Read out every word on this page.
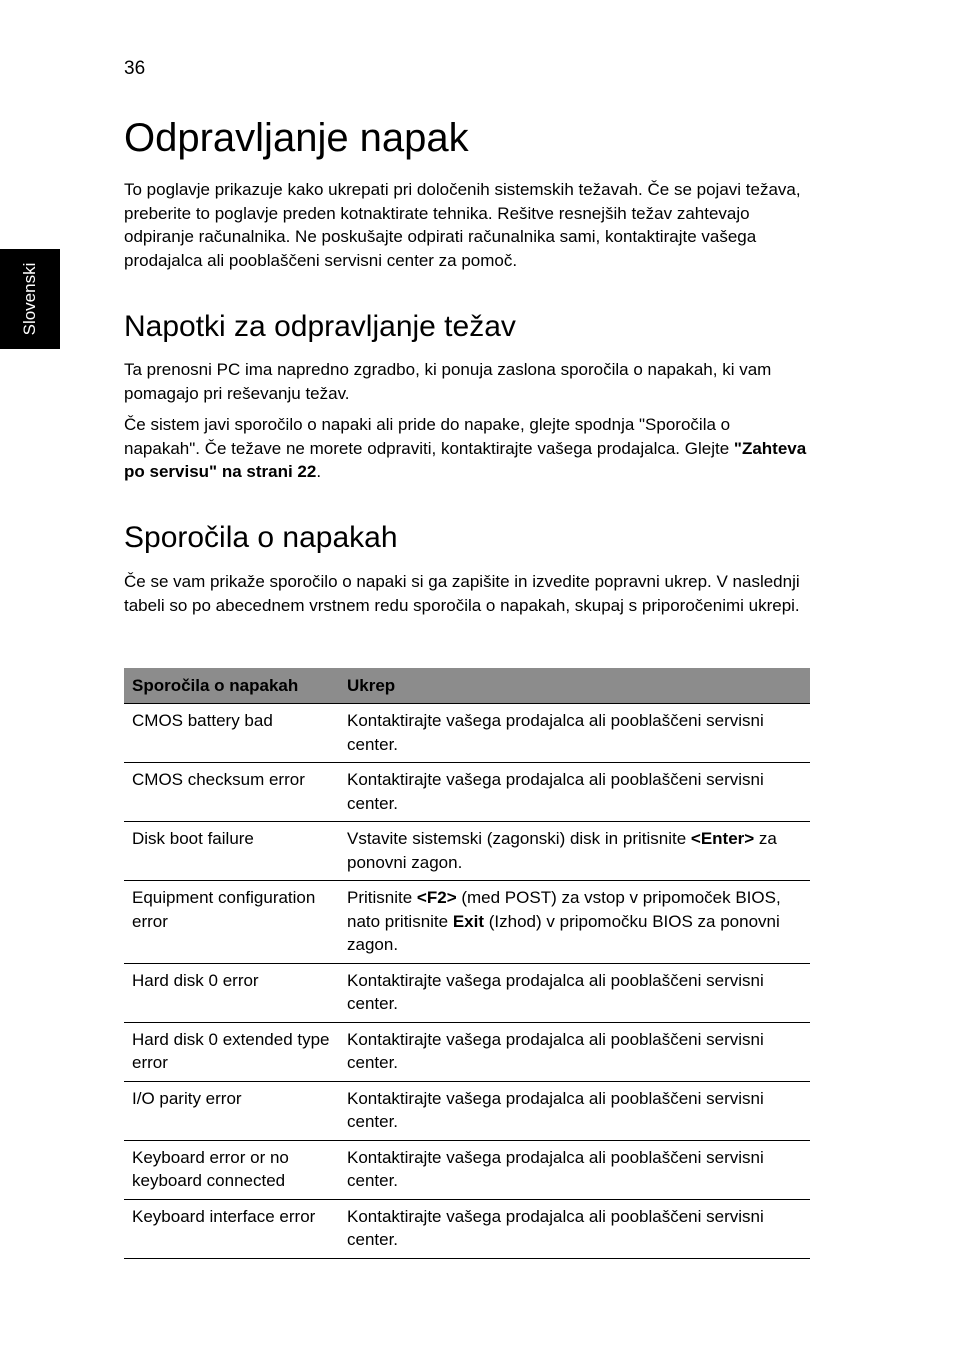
36
Slovenski
Odpravljanje napak

To poglavje prikazuje kako ukrepati pri določenih sistemskih težavah. Če se pojavi težava, preberite to poglavje preden kotnaktirate tehnika. Rešitve resnejših težav zahtevajo odpiranje računalnika. Ne poskušajte odpirati računalnika sami, kontaktirajte vašega prodajalca ali pooblaščeni servisni center za pomoč.

Napotki za odpravljanje težav

Ta prenosni PC ima napredno zgradbo, ki ponuja zaslona sporočila o napakah, ki vam pomagajo pri reševanju težav.

Če sistem javi sporočilo o napaki ali pride do napake, glejte spodnja "Sporočila o napakah". Če težave ne morete odpraviti, kontaktirajte vašega prodajalca. Glejte "Zahteva po servisu" na strani 22.

Sporočila o napakah

Če se vam prikaže sporočilo o napaki si ga zapišite in izvedite popravni ukrep. V naslednji tabeli so po abecednem vrstnem redu sporočila o napakah, skupaj s priporočenimi ukrepi.

Sporočila o napakah	Ukrep
CMOS battery bad	Kontaktirajte vašega prodajalca ali pooblaščeni servisni center.
CMOS checksum error	Kontaktirajte vašega prodajalca ali pooblaščeni servisni center.
Disk boot failure	Vstavite sistemski (zagonski) disk in pritisnite <Enter> za ponovni zagon.
Equipment configuration error	Pritisnite <F2> (med POST) za vstop v pripomoček BIOS, nato pritisnite Exit (Izhod) v pripomočku BIOS za ponovni zagon.
Hard disk 0 error	Kontaktirajte vašega prodajalca ali pooblaščeni servisni center.
Hard disk 0 extended type error	Kontaktirajte vašega prodajalca ali pooblaščeni servisni center.
I/O parity error	Kontaktirajte vašega prodajalca ali pooblaščeni servisni center.
Keyboard error or no keyboard connected	Kontaktirajte vašega prodajalca ali pooblaščeni servisni center.
Keyboard interface error	Kontaktirajte vašega prodajalca ali pooblaščeni servisni center.
